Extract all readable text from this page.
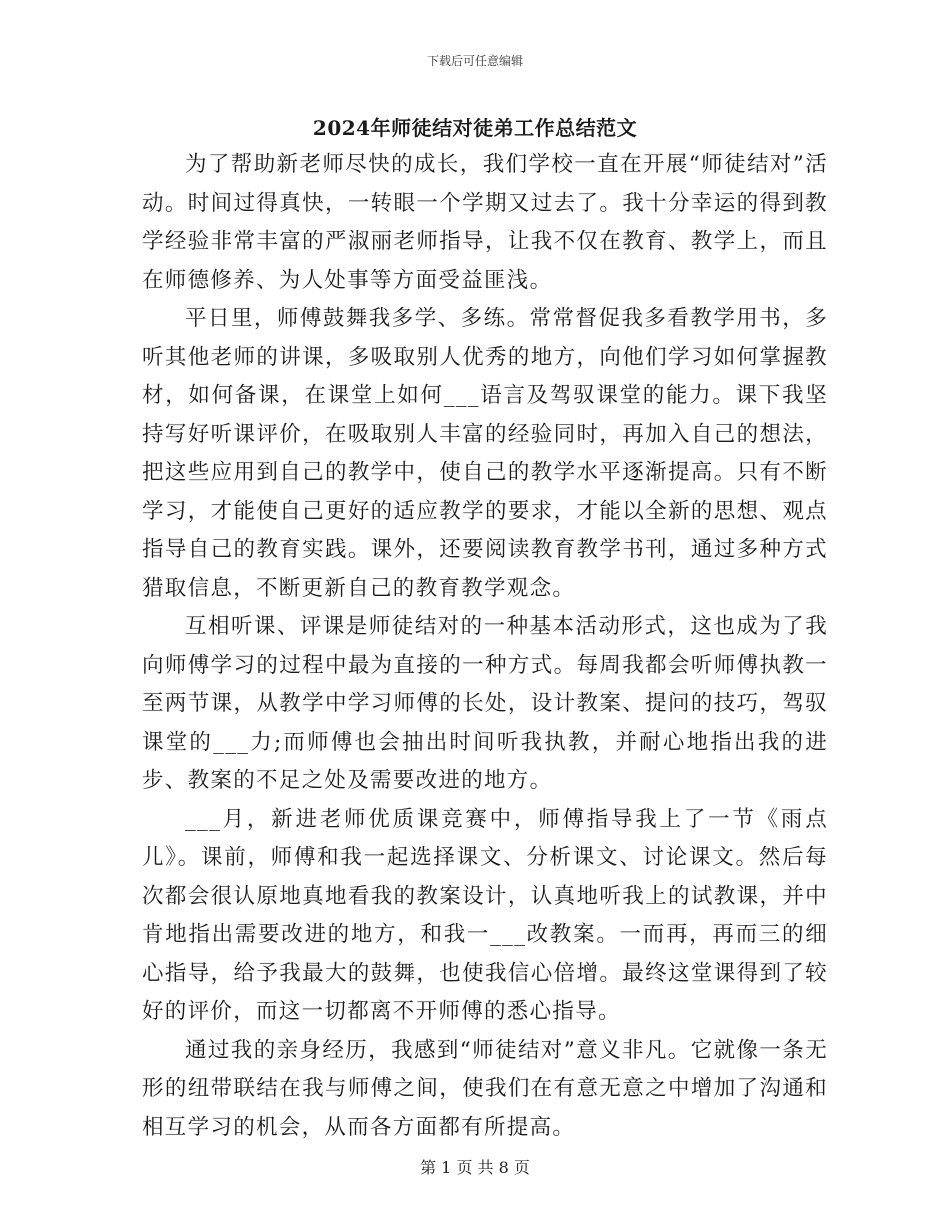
下载后可任意编辑
2024年师徒结对徒弟工作总结范文

为了帮助新老师尽快的成长，我们学校一直在开展“师徒结对”活动。时间过得真快，一转眼一个学期又过去了。我十分幸运的得到教学经验非常丰富的严淑丽老师指导，让我不仅在教育、教学上，而且在师德修养、为人处事等方面受益匪浅。

平日里，师傅鼓舞我多学、多练。常常督促我多看教学用书，多听其他老师的讲课，多吸取别人优秀的地方，向他们学习如何掌握教材，如何备课，在课堂上如何___语言及驾驭课堂的能力。课下我坚持写好听课评价，在吸取别人丰富的经验同时，再加入自己的想法，把这些应用到自己的教学中，使自己的教学水平逐渐提高。只有不断学习，才能使自己更好的适应教学的要求，才能以全新的思想、观点指导自己的教育实践。课外，还要阅读教育教学书刊，通过多种方式猎取信息，不断更新自己的教育教学观念。

互相听课、评课是师徒结对的一种基本活动形式，这也成为了我向师傅学习的过程中最为直接的一种方式。每周我都会听师傅执教一至两节课，从教学中学习师傅的长处，设计教案、提问的技巧，驾驭课堂的___力;而师傅也会抽出时间听我执教，并耐心地指出我的进步、教案的不足之处及需要改进的地方。

___月，新进老师优质课竞赛中，师傅指导我上了一节《雨点儿》。课前，师傅和我一起选择课文、分析课文、讨论课文。然后每次都会很认原地真地看我的教案设计，认真地听我上的试教课，并中肯地指出需要改进的地方，和我一___改教案。一而再，再而三的细心指导，给予我最大的鼓舞，也使我信心倍增。最终这堂课得到了较好的评价，而这一切都离不开师傅的悉心指导。

通过我的亲身经历，我感到“师徒结对”意义非凡。它就像一条无形的纽带联结在我与师傅之间，使我们在有意无意之中增加了沟通和相互学习的机会，从而各方面都有所提高。

第 1 页 共 8 页
